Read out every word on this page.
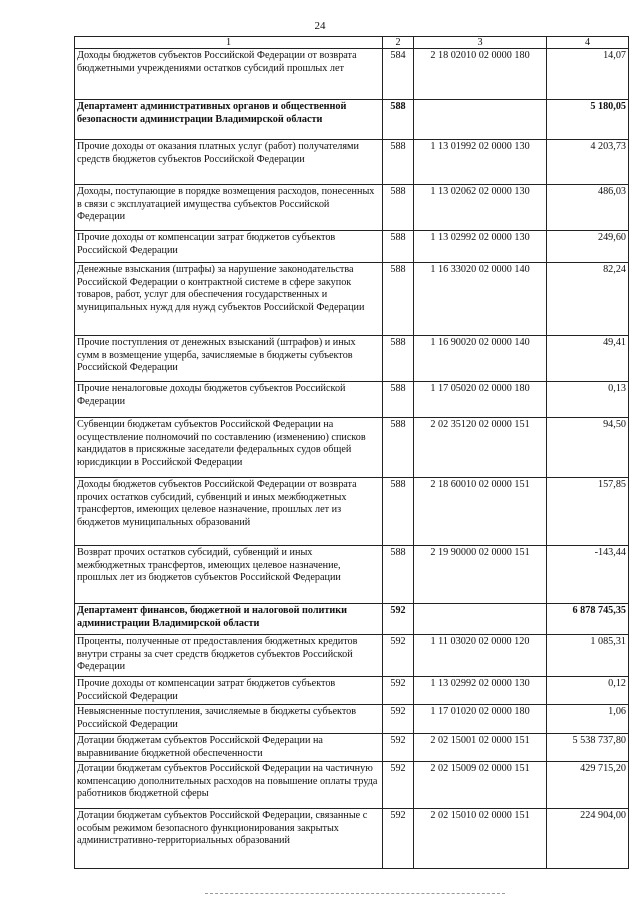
24
1	2	3	4
Доходы бюджетов субъектов Российской Федерации от возврата бюджетными учреждениями остатков субсидий прошлых лет	584	2 18 02010 02 0000 180	14,07
Департамент административных органов и общественной безопасности администрации Владимирской области	588		5 180,05
Прочие доходы от оказания платных услуг (работ) получателями средств бюджетов субъектов Российской Федерации	588	1 13 01992 02 0000 130	4 203,73
Доходы, поступающие в порядке возмещения расходов, понесенных в связи с эксплуатацией имущества субъектов Российской Федерации	588	1 13 02062 02 0000 130	486,03
Прочие доходы от компенсации затрат бюджетов субъектов Российской Федерации	588	1 13 02992 02 0000 130	249,60
Денежные взыскания (штрафы) за нарушение законодательства Российской Федерации о контрактной системе в сфере закупок товаров, работ, услуг для обеспечения государственных и муниципальных нужд для нужд субъектов Российской Федерации	588	1 16 33020 02 0000 140	82,24
Прочие поступления от денежных взысканий (штрафов) и иных сумм в возмещение ущерба, зачисляемые в бюджеты субъектов Российской Федерации	588	1 16 90020 02 0000 140	49,41
Прочие неналоговые доходы бюджетов субъектов Российской Федерации	588	1 17 05020 02 0000 180	0,13
Субвенции бюджетам субъектов Российской Федерации на осуществление полномочий по составлению (изменению) списков кандидатов в присяжные заседатели федеральных судов общей юрисдикции в Российской Федерации	588	2 02 35120 02 0000 151	94,50
Доходы бюджетов субъектов Российской Федерации от возврата прочих остатков субсидий, субвенций и иных межбюджетных трансфертов, имеющих целевое назначение, прошлых лет из бюджетов муниципальных образований	588	2 18 60010 02 0000 151	157,85
Возврат прочих остатков субсидий, субвенций и иных межбюджетных трансфертов, имеющих целевое назначение, прошлых лет из бюджетов субъектов Российской Федерации	588	2 19 90000 02 0000 151	-143,44
Департамент финансов, бюджетной и налоговой политики администрации Владимирской области	592		6 878 745,35
Проценты, полученные от предоставления бюджетных кредитов внутри страны за счет средств бюджетов субъектов Российской Федерации	592	1 11 03020 02 0000 120	1 085,31
Прочие доходы от компенсации затрат бюджетов субъектов Российской Федерации	592	1 13 02992 02 0000 130	0,12
Невыясненные поступления, зачисляемые в бюджеты субъектов Российской Федерации	592	1 17 01020 02 0000 180	1,06
Дотации бюджетам субъектов Российской Федерации на выравнивание бюджетной обеспеченности	592	2 02 15001 02 0000 151	5 538 737,80
Дотации бюджетам субъектов Российской Федерации на частичную компенсацию дополнительных расходов на повышение оплаты труда работников бюджетной сферы	592	2 02 15009 02 0000 151	429 715,20
Дотации бюджетам субъектов Российской Федерации, связанные с особым режимом безопасного функционирования закрытых административно-территориальных образований	592	2 02 15010 02 0000 151	224 904,00
